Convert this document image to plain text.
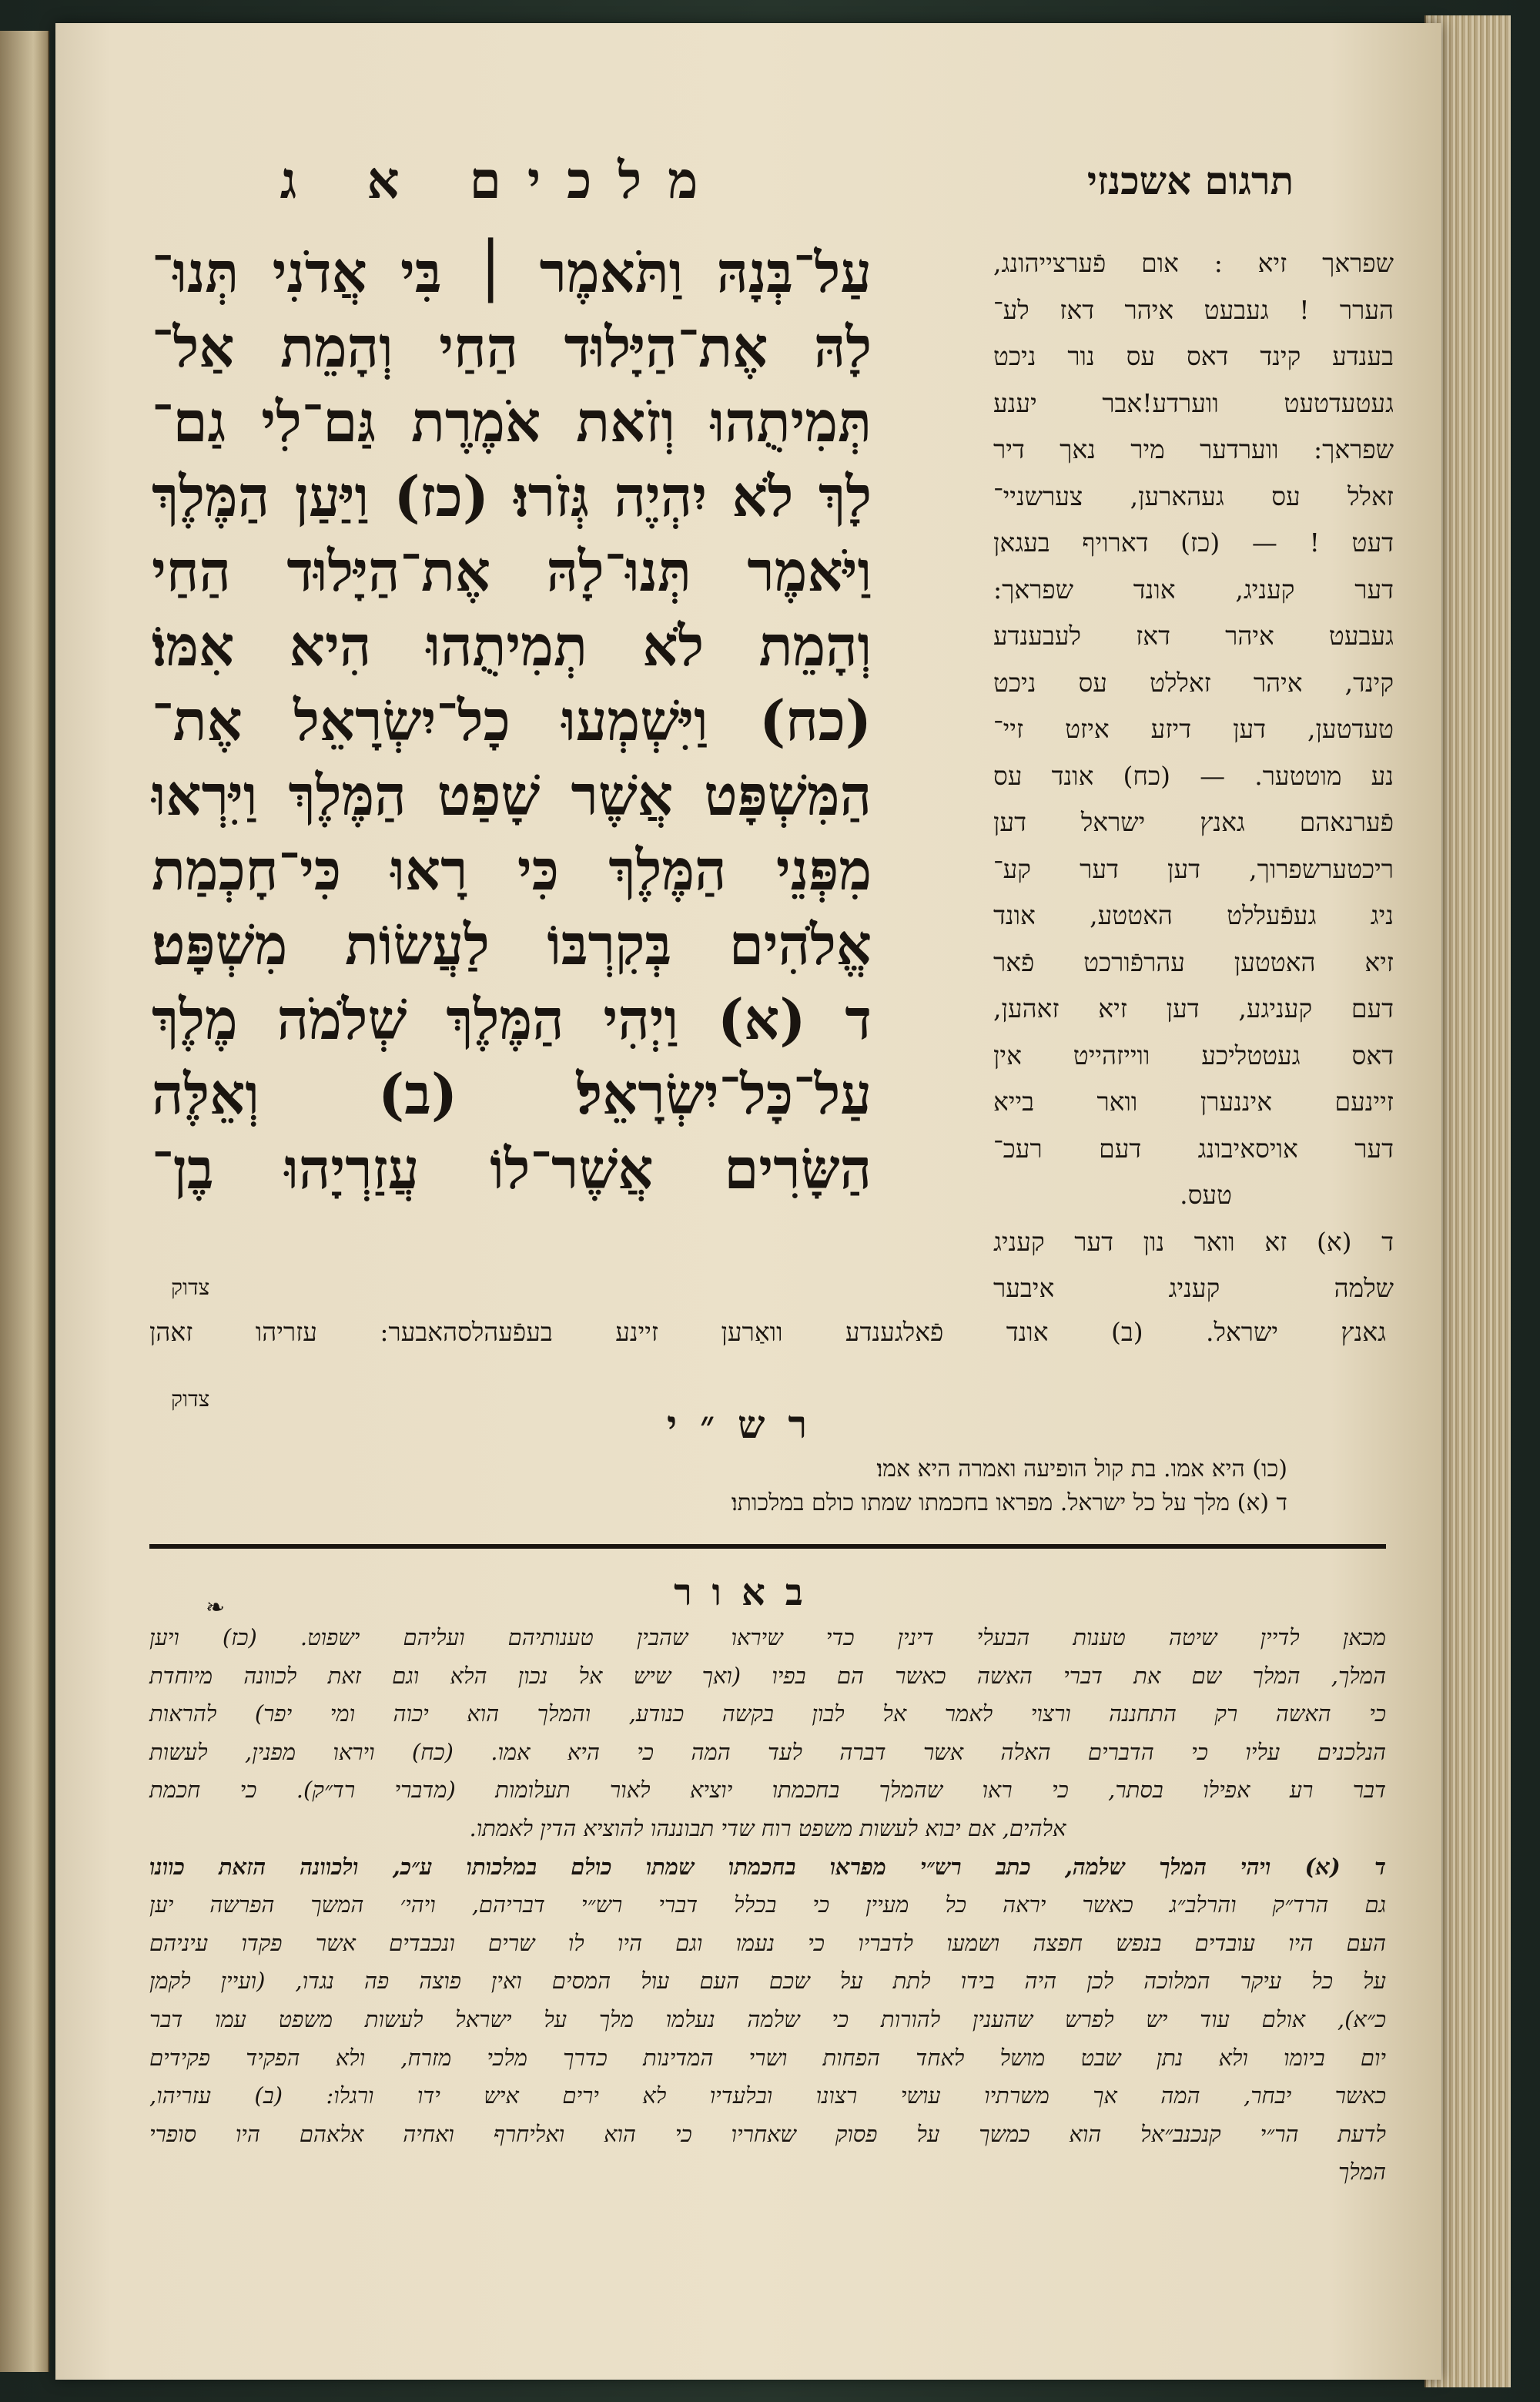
תרגום אשכנזי
מלכים א ג

עַל־בְּנָהּ וַתֹּאמֶר ׀ בִּי אֲדֹנִי תְּנוּ־

לָהּ אֶת־הַיָּלוּד הַחַי וְהָמֵת אַל־

תְּמִיתֻהוּ וְזֹאת אֹמֶרֶת גַּם־לִי גַם־

לָךְ לֹא יִהְיֶה גְּזֹרוּ׃ (כז) וַיַּעַן הַמֶּלֶךְ

וַיֹּאמֶר תְּנוּ־לָהּ אֶת־הַיָּלוּד הַחַי

וְהָמֵת לֹא תְמִיתֻהוּ הִיא אִמּוֹ׃

(כח) וַיִּשְׁמְעוּ כָל־יִשְׂרָאֵל אֶת־

הַמִּשְׁפָּט אֲשֶׁר שָׁפַט הַמֶּלֶךְ וַיִּרְאוּ

מִפְּנֵי הַמֶּלֶךְ כִּי רָאוּ כִּי־חָכְמַת

אֱלֹהִים בְּקִרְבּוֹ לַעֲשׂוֹת מִשְׁפָּט׃

ד (א) וַיְהִי הַמֶּלֶךְ שְׁלֹמֹה מֶלֶךְ

עַל־כָּל־יִשְׂרָאֵל׃ (ב) וְאֵלֶּה

הַשָּׂרִים אֲשֶׁר־לוֹ עֲזַרְיָהוּ בֶן־

שפראך זיא : אום פֿערצייהונג,

הערר ! געבעט איהר דאז לע־

בענדע קינד דאס עס נור ניכט

געטעדטעט ווערדע!אבר יענע

שפראך: ווערדער מיר נאך דיר

זאלל עס געהארען, צערשניי־

דעט ! — (כז) דארויף בעגאן

דער קעניג, אונד שפראך:

געבעט איהר דאז לעבענדע

קינד, איהר זאללט עס ניכט

טעדטען, דען דיזע איזט זיי־

נע מוטטער. — (כח) אונד עס

פֿערנאהם גאנץ ישראל דען

ריכטערשפרוך, דען דער קע־

ניג געפֿעללט האטטע, אונד

זיא האטטען עהרפֿורכט פֿאר

דעם קעניגע, דען זיא זאהען,

דאס געטטליכע ווייזהייט אין

זיינעם איננערן וואר בייא

דער אויסאיבונג דעם רעכ־

טעס.

ד (א) זא וואר נון דער קעניג

שלמה קעניג איבער

צדוק
גאנץ ישראל. (ב) אונד פֿאלגענדע וואַרען זיינע בעפֿעהלסהאבער: עזריהו זאהן
צדוק
רש״י

(כו) היא אמו. בת קול הופיעה ואמרה היא אמו׃

ד (א) מלך על כל ישראל. מפראו בחכמתו שמתו כולם במלכותו׃

❧	באור

מכאן לדיין שיטה טענות הבעלי דינין כדי שיראו שהבין טענותיהם ועליהם ישפוט. (כז) ויען

המלך, המלך שם את דברי האשה כאשר הם בפיו (ואך שיש אל נכון הלא וגם זאת לכוונה מיוחדת

כי האשה רק התחננה ורצוי לאמר אל לבון בקשה כנודע, והמלך הוא יכוה ומי יפר) להראות

הנלכנים עליו כי הדברים האלה אשר דברה לעד המה כי היא אמו. (כח) ויראו מפנין, לעשות

דבר רע אפילו בסתר, כי ראו שהמלך בחכמתו יוציא לאור תעלומות (מדברי רד״ק). כי חכמת

אלהים, אם יבוא לעשות משפט רוח שדי תבוננהו להוציא הדין לאמתו.

ד (א) ויהי המלך שלמה, כתב רש״י מפראו בחכמתו שמתו כולם במלכותו ע״כ, ולכוונה הזאת כוונו

גם הרד״ק והרלב״ג כאשר יראה כל מעיין כי בכלל דברי רש״י דבריהם, ויהי׳ המשך הפרשה יען

העם היו עובדים בנפש חפצה ושמעו לדבריו כי נעמו וגם היו לו שרים ונכבדים אשר פקדו עיניהם

על כל עיקר המלוכה לכן היה בידו לתת על שכם העם עול המסים ואין פוצה פה נגדו, (ועיין לקמן

כ״א), אולם עוד יש לפרש שהענין להורות כי שלמה נעלמו מלך על ישראל לעשות משפט עמו דבר

יום ביומו ולא נתן שבט מושל לאחד הפחות ושרי המדינות כדרך מלכי מזרח, ולא הפקיד פקידים

כאשר יבחר, המה אך משרתיו עושי רצונו ובלעדיו לא ירים איש ידו ורגלו: (ב) עזריהו,

לדעת הר״י קנכנב״אל הוא כמשך על פסוק שאחריו כי הוא ואליחרף ואחיה אלאהם היו סופרי

המלך
